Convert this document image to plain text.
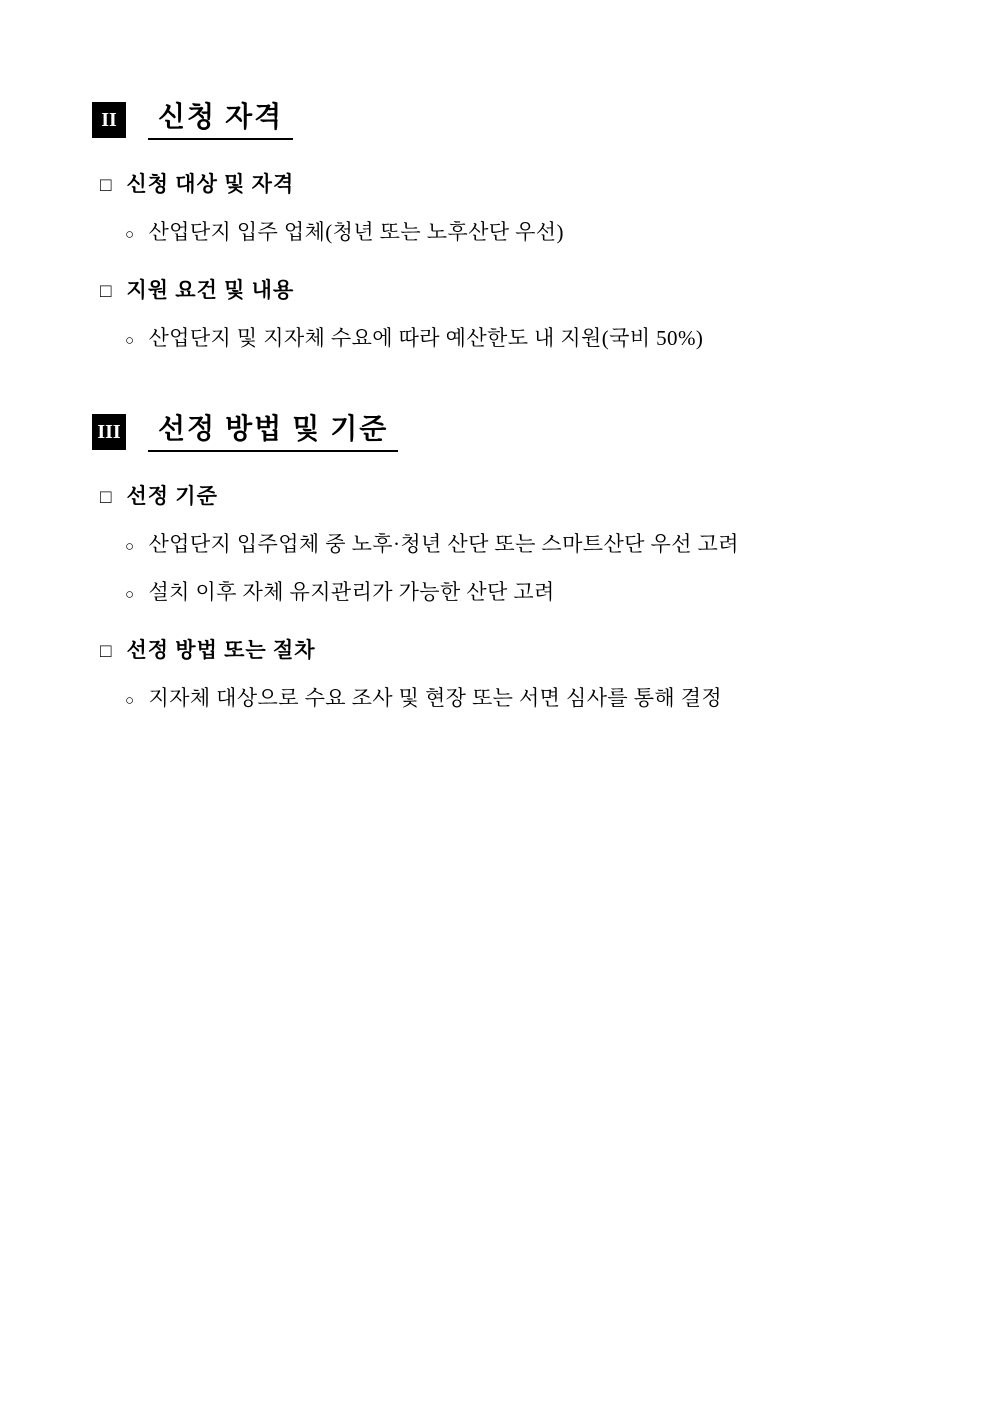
II	신청 자격
□ 신청 대상 및 자격
○ 산업단지 입주 업체(청년 또는 노후산단 우선)
□ 지원 요건 및 내용
○ 산업단지 및 지자체 수요에 따라 예산한도 내 지원(국비 50%)
III	선정 방법 및 기준
□ 선정 기준
○ 산업단지 입주업체 중 노후·청년 산단 또는 스마트산단 우선 고려
○ 설치 이후 자체 유지관리가 가능한 산단 고려
□ 선정 방법 또는 절차
○ 지자체 대상으로 수요 조사 및 현장 또는 서면 심사를 통해 결정
